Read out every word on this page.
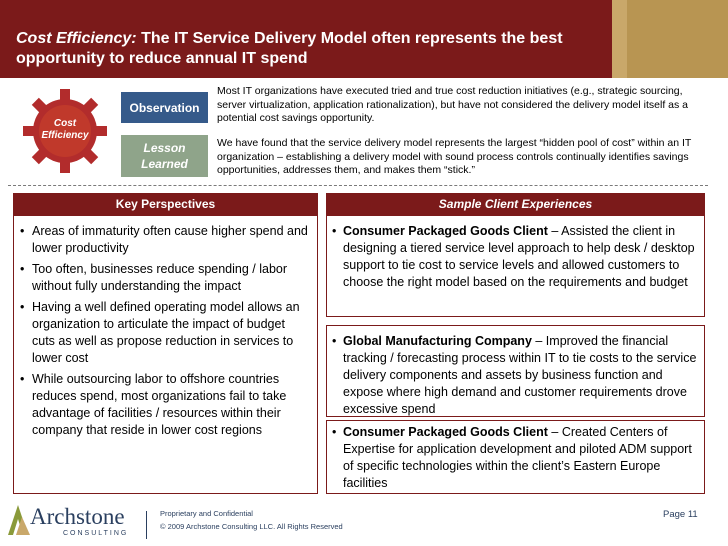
Cost Efficiency: The IT Service Delivery Model often represents the best opportunity to reduce annual IT spend
Cost
Efficiency
Observation
Most IT organizations have executed tried and true cost reduction initiatives (e.g., strategic sourcing, server virtualization, application rationalization), but have not considered the delivery model itself as a potential cost savings opportunity.
Lesson
Learned
We have found that the service delivery model represents the largest “hidden pool of cost” within an IT organization – establishing a delivery model with sound process controls continually identifies savings opportunities, addresses them, and makes them “stick.”
Key Perspectives
• Areas of immaturity often cause higher spend and lower productivity
• Too often, businesses reduce spending / labor without fully understanding the impact
• Having a well defined operating model allows an organization to articulate the impact of budget cuts as well as propose reduction in services to lower cost
• While outsourcing labor to offshore countries reduces spend, most organizations fail to take advantage of facilities / resources within their company that reside in lower cost regions
Sample Client Experiences
• Consumer Packaged Goods Client – Assisted the client in designing a tiered service level approach to help desk / desktop support to tie cost to service levels and allowed customers to choose the right model based on the requirements and budget
• Global Manufacturing Company – Improved the financial tracking / forecasting process within IT to tie costs to the service delivery components and assets by business function and expose where high demand and customer requirements drove excessive spend
• Consumer Packaged Goods Client – Created Centers of Expertise for application development and piloted ADM support of specific technologies within the client’s Eastern Europe facilities
Archstone
CONSULTING
Proprietary and Confidential
© 2009 Archstone Consulting LLC. All Rights Reserved
Page 11
